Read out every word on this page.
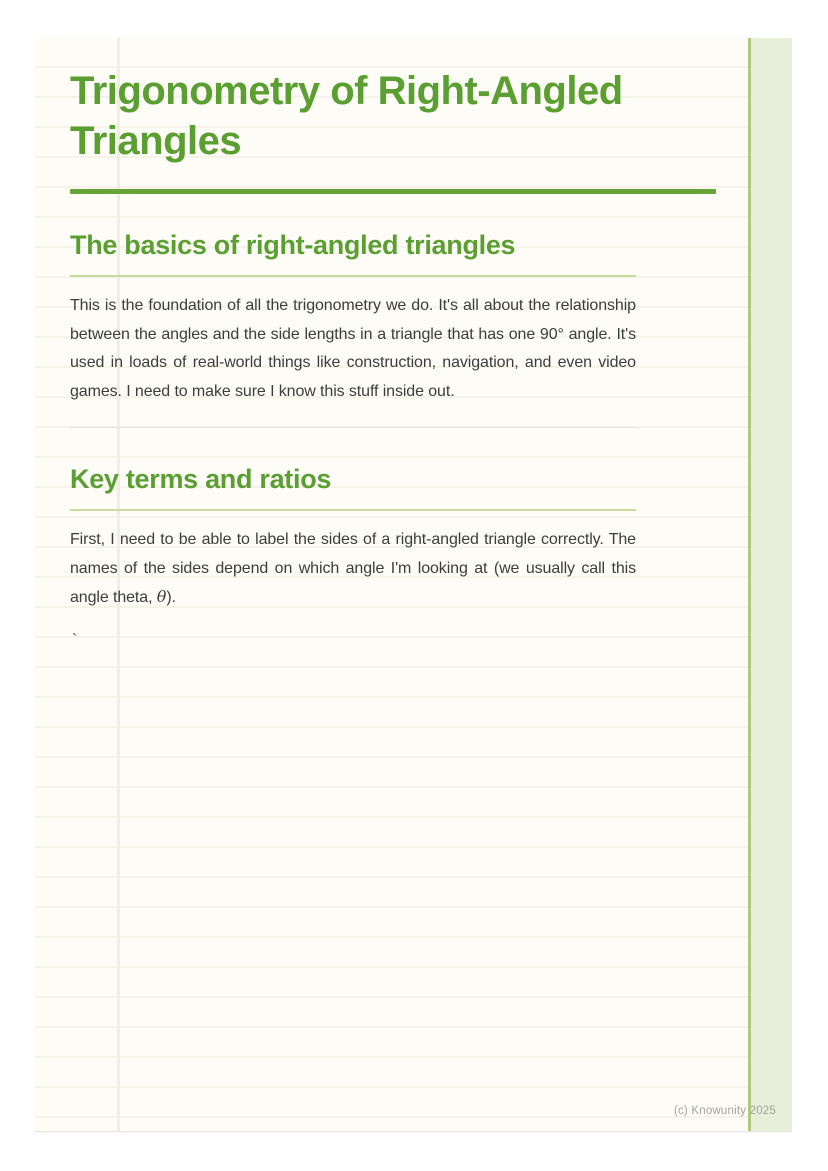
Trigonometry of Right-Angled Triangles
The basics of right-angled triangles

This is the foundation of all the trigonometry we do. It's all about the relationship between the angles and the side lengths in a triangle that has one 90° angle. It's used in loads of real-world things like construction, navigation, and even video games. I need to make sure I know this stuff inside out.

Key terms and ratios

First, I need to be able to label the sides of a right-angled triangle correctly. The names of the sides depend on which angle I'm looking at (we usually call this angle theta, θ).

`

(c) Knowunity 2025
